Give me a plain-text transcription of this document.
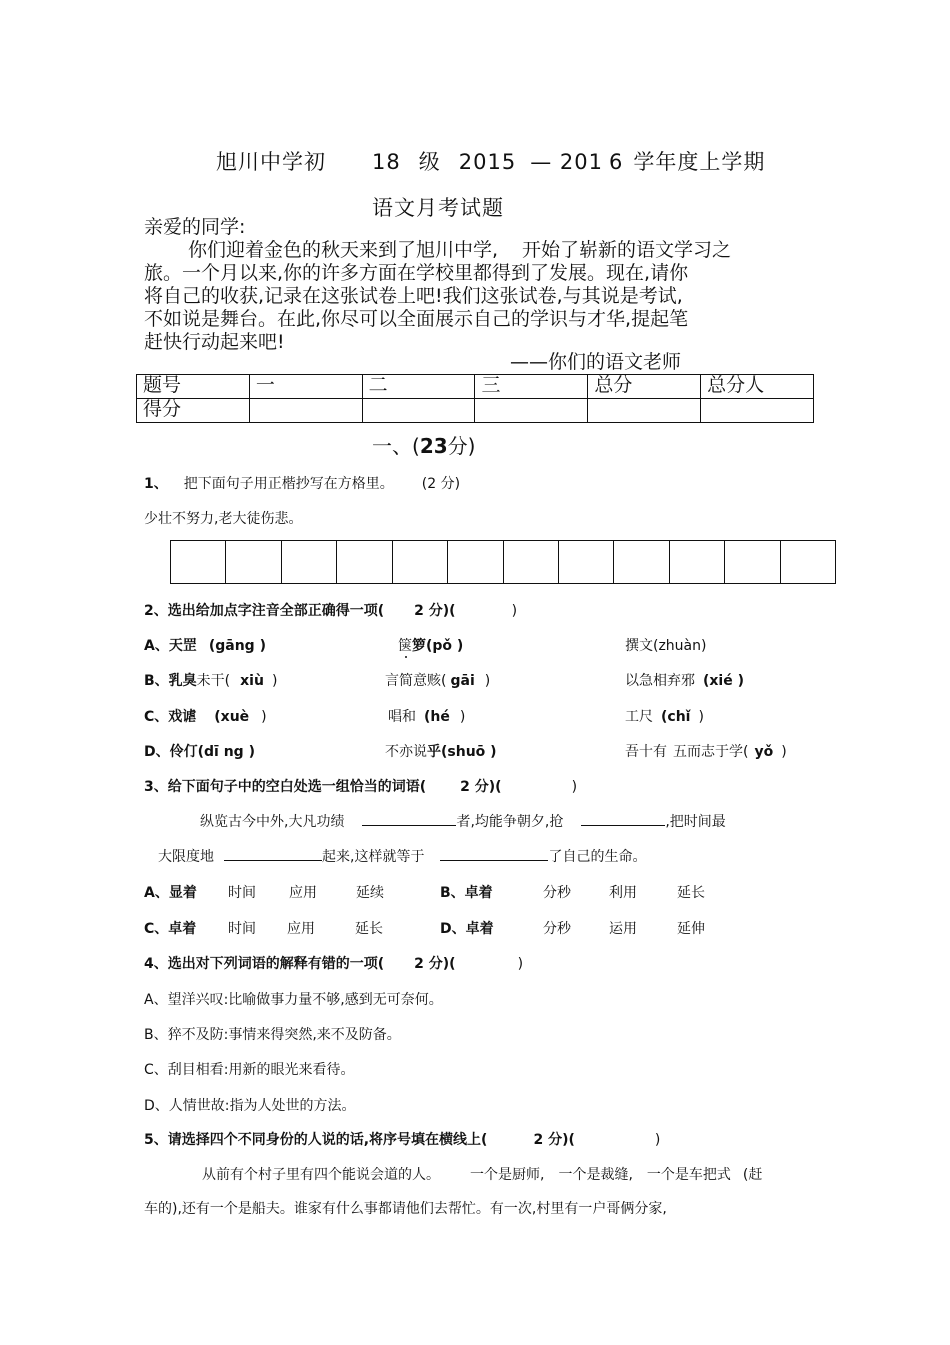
旭川中学初 18 级 2015 — 201 6 学年度上学期
语文月考试题
亲爱的同学:
你们迎着金色的秋天来到了旭川中学, 开始了崭新的语文学习之
旅。一个月以来,你的许多方面在学校里都得到了发展。现在,请你
将自己的收获,记录在这张试卷上吧!我们这张试卷,与其说是考试,
不如说是舞台。在此,你尽可以全面展示自己的学识与才华,提起笔
赶快行动起来吧!
——你们的语文老师
题号	一	二	三	总分	总分人
得分					
一、(23分)
1、 把下面句子用正楷抄写在方格里。 (2 分)
少壮不努力,老大徒伤悲。
2、选出给加点字注音全部正确得一项( 2 分)(	)
A、天罡 (gāng )	箧箩(pǒ )	撰文(zhuàn)
B、乳臭未干( xiù )	言简意赅( gāi )	以急相弃邪 (xié )
C、戏谑 (xuè )	唱和 (hé )	工尺 (chǐ )
D、伶仃(dī ng )	不亦说乎(shuō )	吾十有 五而志于学( yǒ )
3、给下面句子中的空白处选一组恰当的词语( 2 分)(	)
纵览古今中外,大凡功绩	者,均能争朝夕,抢	,把时间最
大限度地	起来,这样就等于	了自己的生命。
A、显着 时间 应用	延续	B、卓着	分秒	利用	延长
C、卓着 时间 应用	延长	D、卓着	分秒	运用	延伸
4、选出对下列词语的解释有错的一项( 2 分)(	)
A、望洋兴叹:比喻做事力量不够,感到无可奈何。
B、猝不及防:事情来得突然,来不及防备。
C、刮目相看:用新的眼光来看待。
D、人情世故:指为人处世的方法。
5、请选择四个不同身份的人说的话,将序号填在横线上(	2 分)(	)
从前有个村子里有四个能说会道的人。 一个是厨师, 一个是裁缝, 一个是车把式 (赶
车的),还有一个是船夫。谁家有什么事都请他们去帮忙。有一次,村里有一户哥俩分家,
